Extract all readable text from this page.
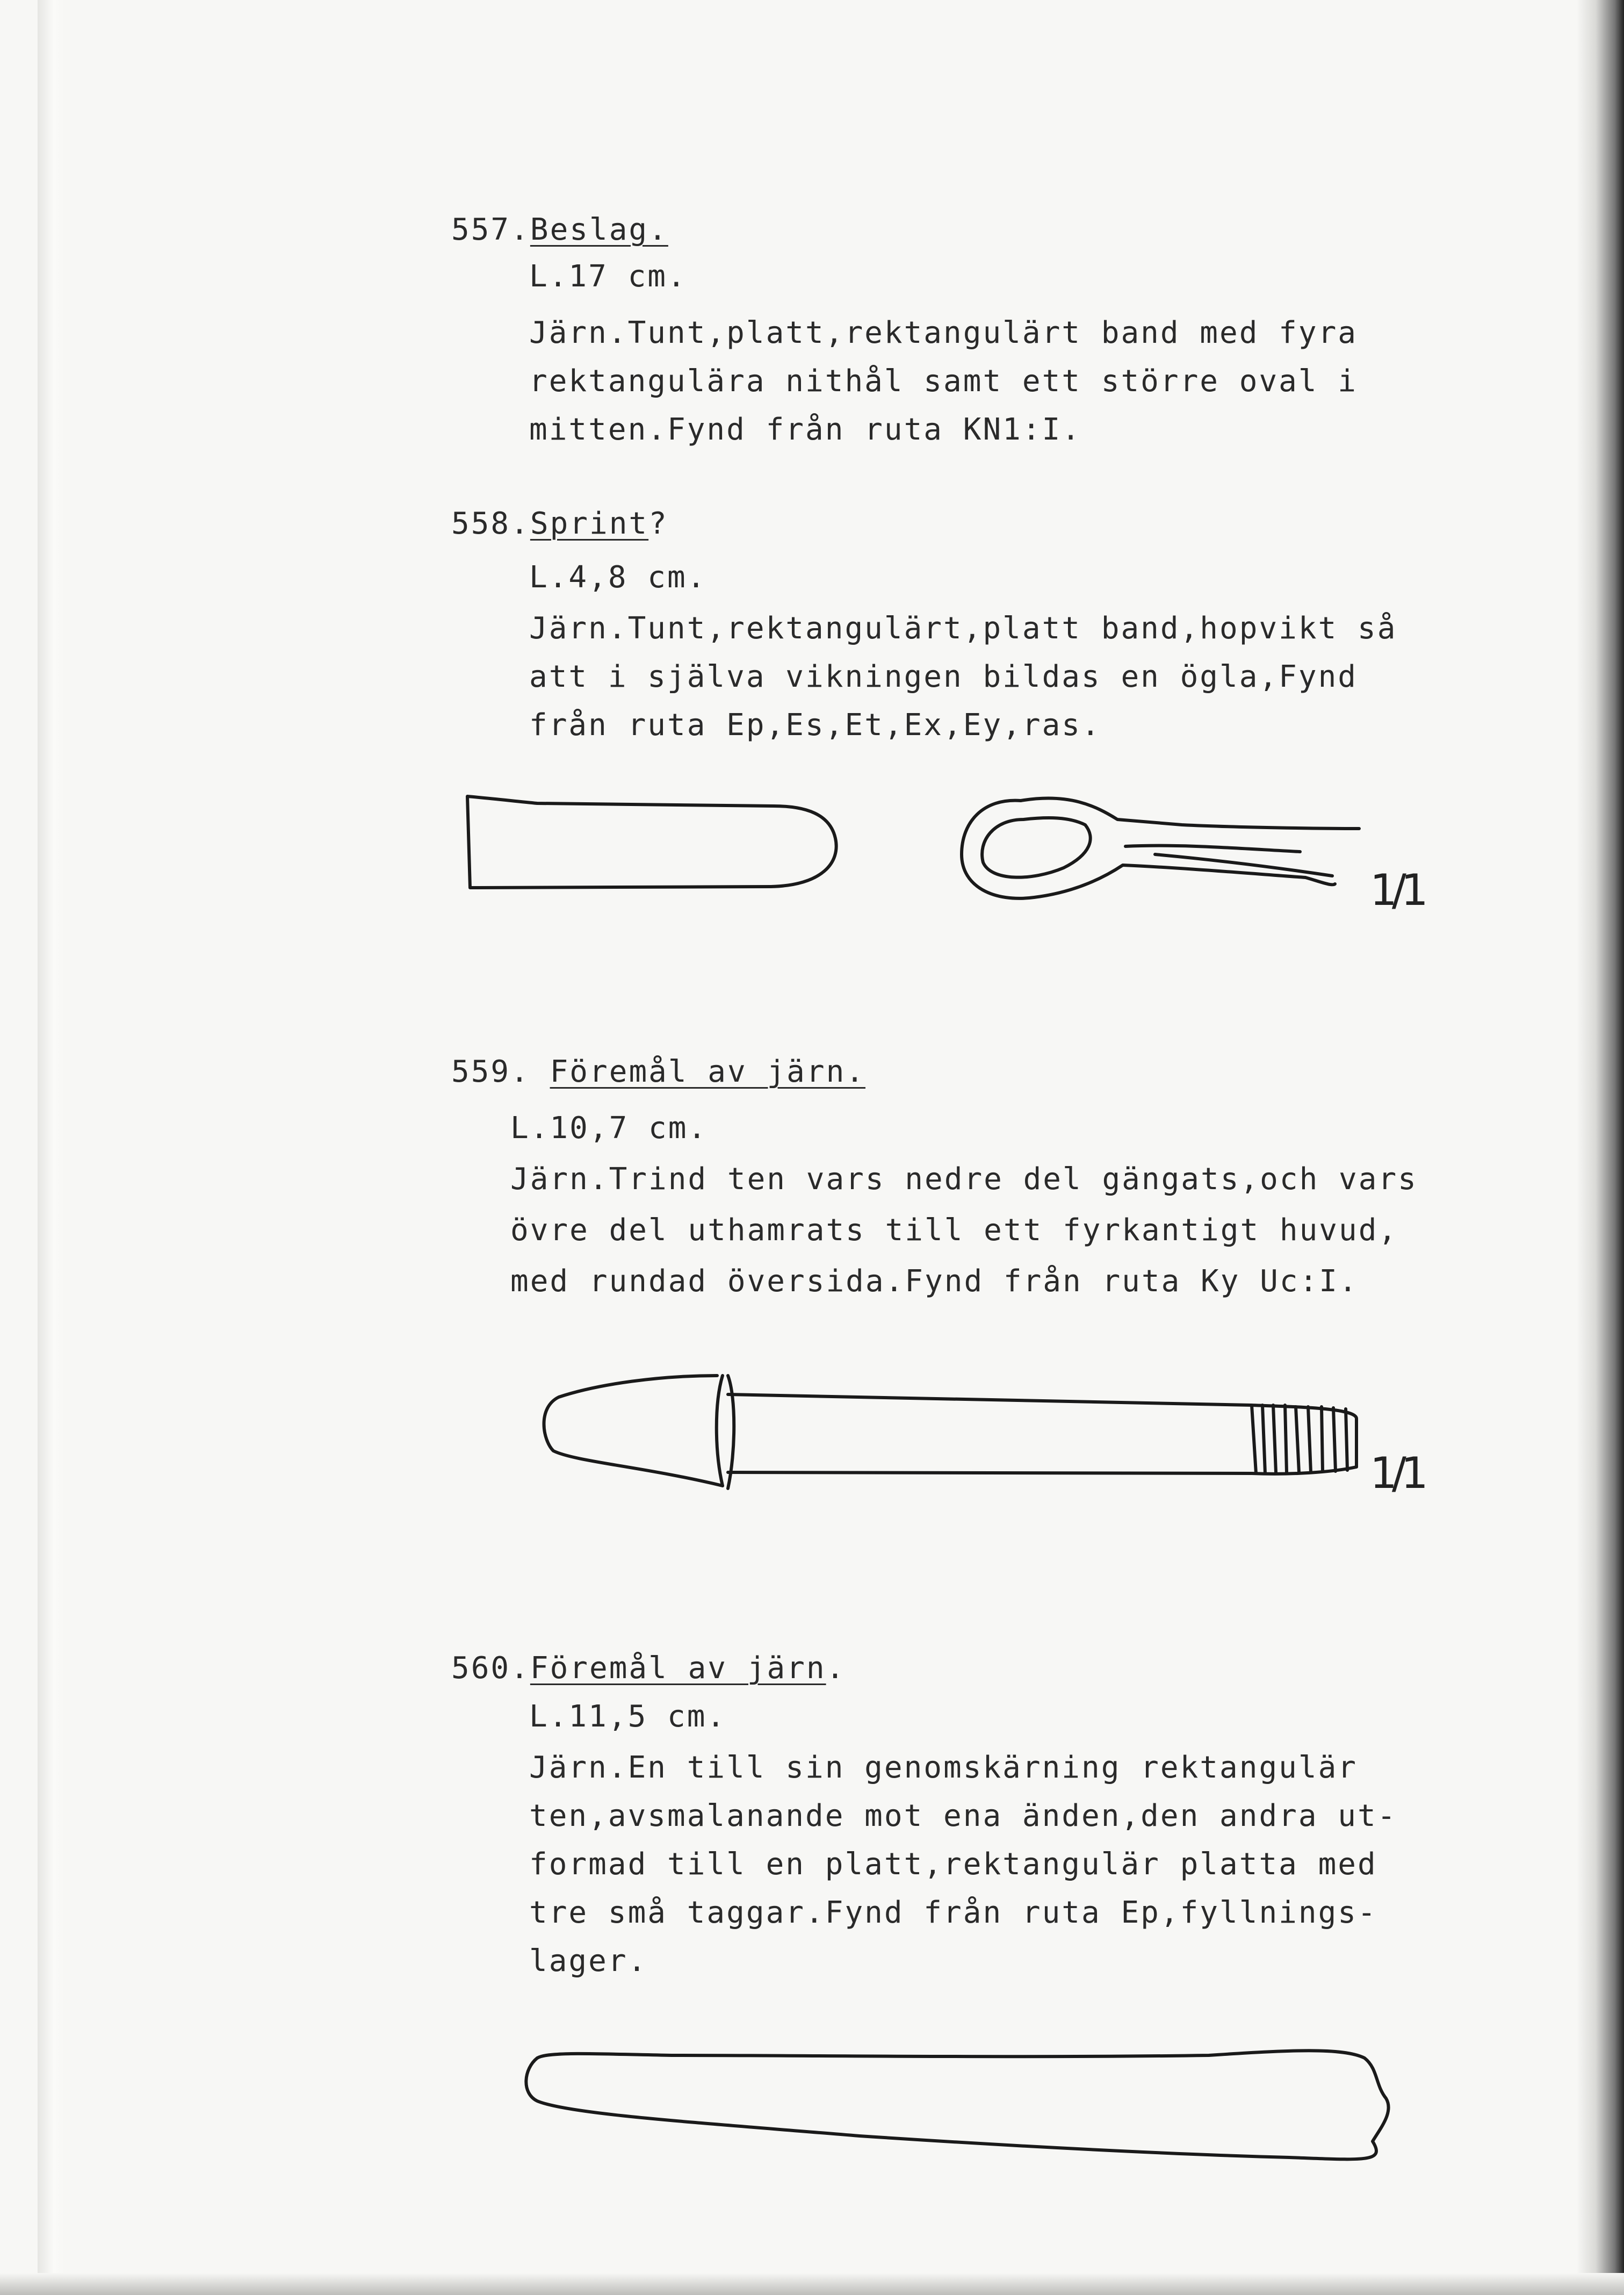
557.Beslag.
L.17 cm.
Järn.Tunt,platt,rektangulärt band med fyra
rektangulära nithål samt ett större oval i
mitten.Fynd från ruta KN1:I.
558.Sprint?
L.4,8 cm.
Järn.Tunt,rektangulärt,platt band,hopvikt så
att i själva vikningen bildas en ögla,Fynd
från ruta Ep,Es,Et,Ex,Ey,ras.
559. Föremål av järn.
L.10,7 cm.
Järn.Trind ten vars nedre del gängats,och vars
övre del uthamrats till ett fyrkantigt huvud,
med rundad översida.Fynd från ruta Ky Uc:I.
560.Föremål av järn.
L.11,5 cm.
Järn.En till sin genomskärning rektangulär
ten,avsmalanande mot ena änden,den andra ut-
formad till en platt,rektangulär platta med
tre små taggar.Fynd från ruta Ep,fyllnings-
lager.
1/1
1/1
